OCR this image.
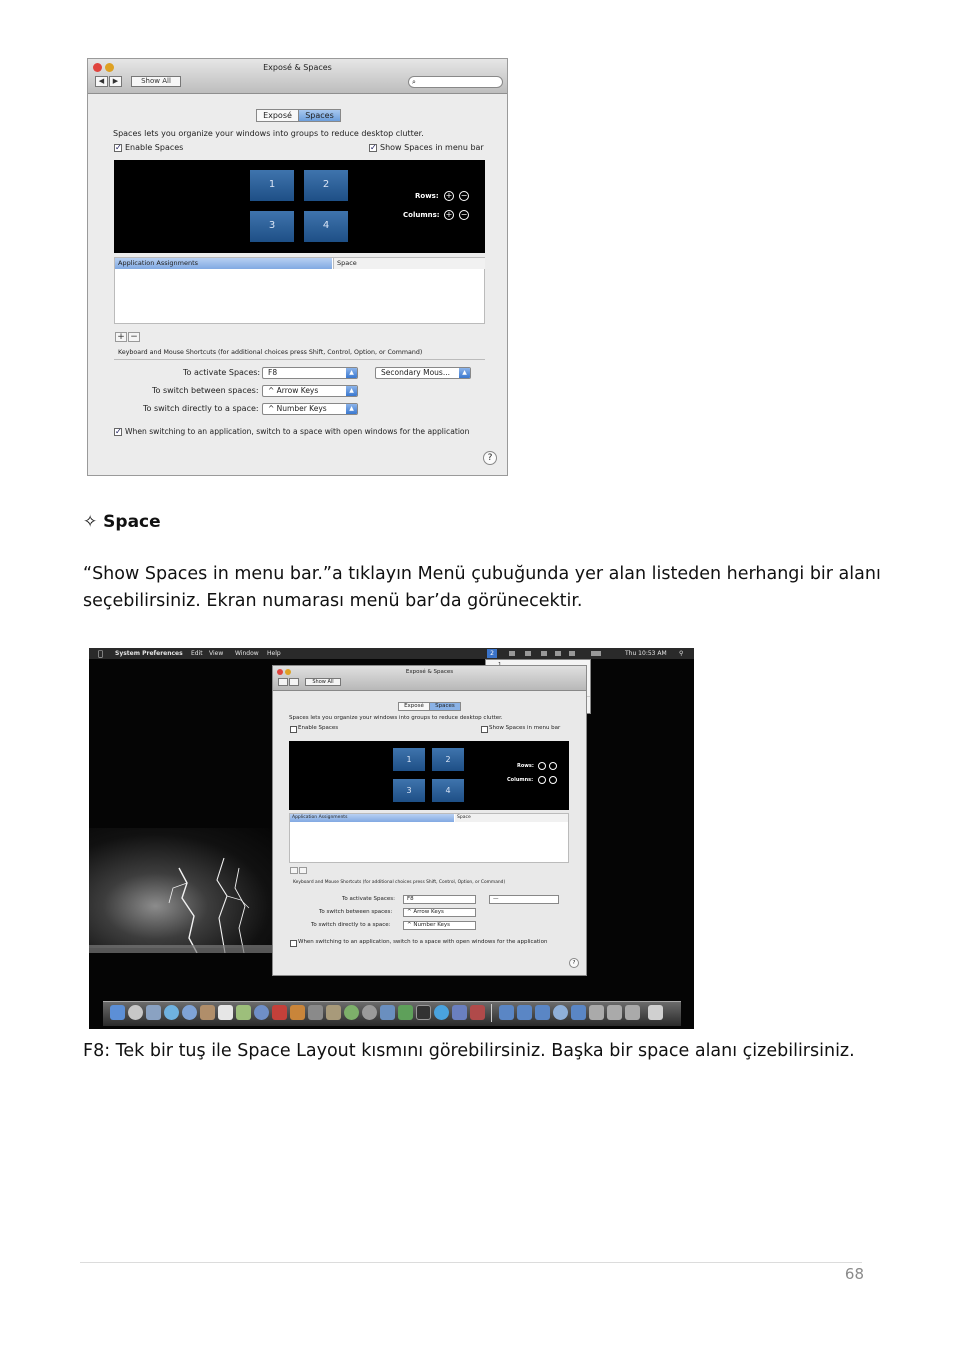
Exposé & Spaces
◀	▶	Show All	⌕
Exposé	Spaces
Spaces lets you organize your windows into groups to reduce desktop clutter.
✓ Enable Spaces	✓ Show Spaces in menu bar
1	2
3	4
Rows: + −
Columns: + −
Application Assignments	Space
+ −
Keyboard and Mouse Shortcuts (for additional choices press Shift, Control, Option, or Command)
To activate Spaces:	F8	▲	Secondary Mous...	▲
To switch between spaces:	^ Arrow Keys	▲
To switch directly to a space:	^ Number Keys	▲
✓ When switching to an application, switch to a space with open windows for the application
?
✧ Space
“Show Spaces in menu bar.”a tıklayın Menü çubuğunda yer alan listeden herhangi bir alanı seçebilirsiniz. Ekran numarası menü bar’da görünecektir.
System Preferences Edit View Window Help	2	Thu 10:53 AM ⚲
Exposé & Spaces
Show All
Exposé	Spaces
Spaces lets you organize your windows into groups to reduce desktop clutter.
Enable Spaces	Show Spaces in menu bar
1	2
3	4
Rows:
Columns:
Application Assignments	Space
Keyboard and Mouse Shortcuts (for additional choices press Shift, Control, Option, or Command)
To activate Spaces:	F8	—
To switch between spaces:	^ Arrow Keys
To switch directly to a space:	^ Number Keys
When switching to an application, switch to a space with open windows for the application
?
F8: Tek bir tuş ile Space Layout kısmını görebilirsiniz. Başka bir space alanı çizebilirsiniz.
68
